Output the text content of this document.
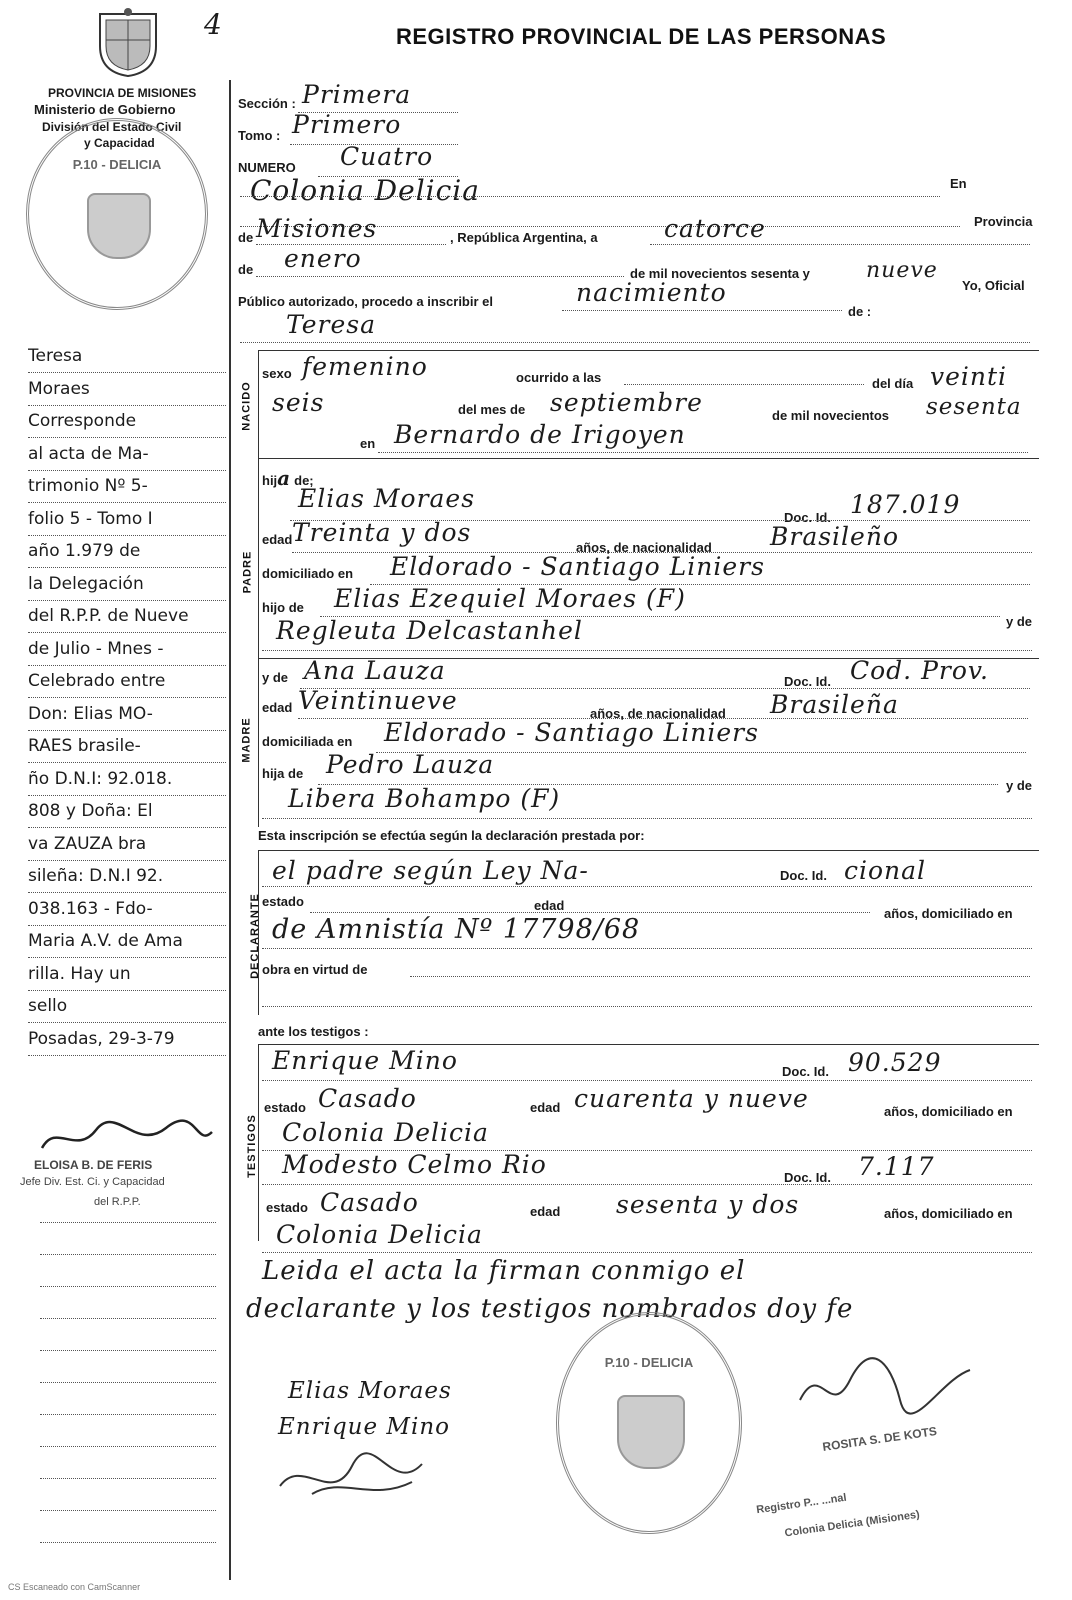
4	REGISTRO PROVINCIAL DE LAS PERSONAS
PROVINCIA DE MISIONES
Ministerio de Gobierno
División del Estado Civil
y Capacidad
P.10 - DELICIA
Sección : Primera
Tomo : Primero
NUMERO Cuatro
Colonia Delicia	En
Provincia
de Misiones	, República Argentina, a	catorce
de enero
de mil novecientos sesenta y	nueve
Yo, Oficial
Público autorizado, procedo a inscribir el	nacimiento
de :
Teresa
NACIDO
sexo femenino	ocurrido a las	del día veinti
seis	del mes de septiembre	de mil novecientos sesenta
en Bernardo de Irigoyen
PADRE
hija de;
Elias Moraes
Doc. Id. 187.019
edad Treinta y dos
años, de nacionalidad Brasileño
domiciliado en Eldorado - Santiago Liniers
hijo de Elias Ezequiel Moraes (F)
y de
Regleuta Delcastanhel
MADRE
y de Ana Lauza	Doc. Id. Cod. Prov.
edad Veintinueve	años, de nacionalidad Brasileña
domiciliada en Eldorado - Santiago Liniers
hija de Pedro Lauza
y de
Libera Bohampo (F)
Esta inscripción se efectúa según la declaración prestada por:
DECLARANTE
el padre según Ley Na-	Doc. Id. cional
estado	edad
años, domiciliado en
de Amnistía Nº 17798/68
obra en virtud de
ante los testigos :
TESTIGOS
Enrique Mino	Doc. Id. 90.529
estado Casado	edad cuarenta y nueve	años, domiciliado en
Colonia Delicia
Modesto Celmo Rio	Doc. Id. 7.117
estado Casado	edad sesenta y dos	años, domiciliado en
Colonia Delicia
Leida el acta la firman conmigo el
declarante y los testigos nombrados doy fe
Elias Moraes
Enrique Mino
P.10 - DELICIA
ROSITA S. DE KOTS
Registro P... ...nal
Colonia Delicia (Misiones)
Teresa
Moraes
Corresponde
al acta de Ma-
trimonio Nº 5-
folio 5 - Tomo I
año 1.979 de
la Delegación
del R.P.P. de Nueve
de Julio - Mnes -
Celebrado entre
Don: Elias MO-
RAES brasile-
ño D.N.I: 92.018.
808 y Doña: El
va ZAUZA bra
sileña: D.N.I 92.
038.163 - Fdo-
Maria A.V. de Ama
rilla. Hay un
sello
Posadas, 29-3-79
ELOISA B. DE FERIS
Jefe Div. Est. Ci. y Capacidad
del R.P.P.
CS Escaneado con CamScanner
